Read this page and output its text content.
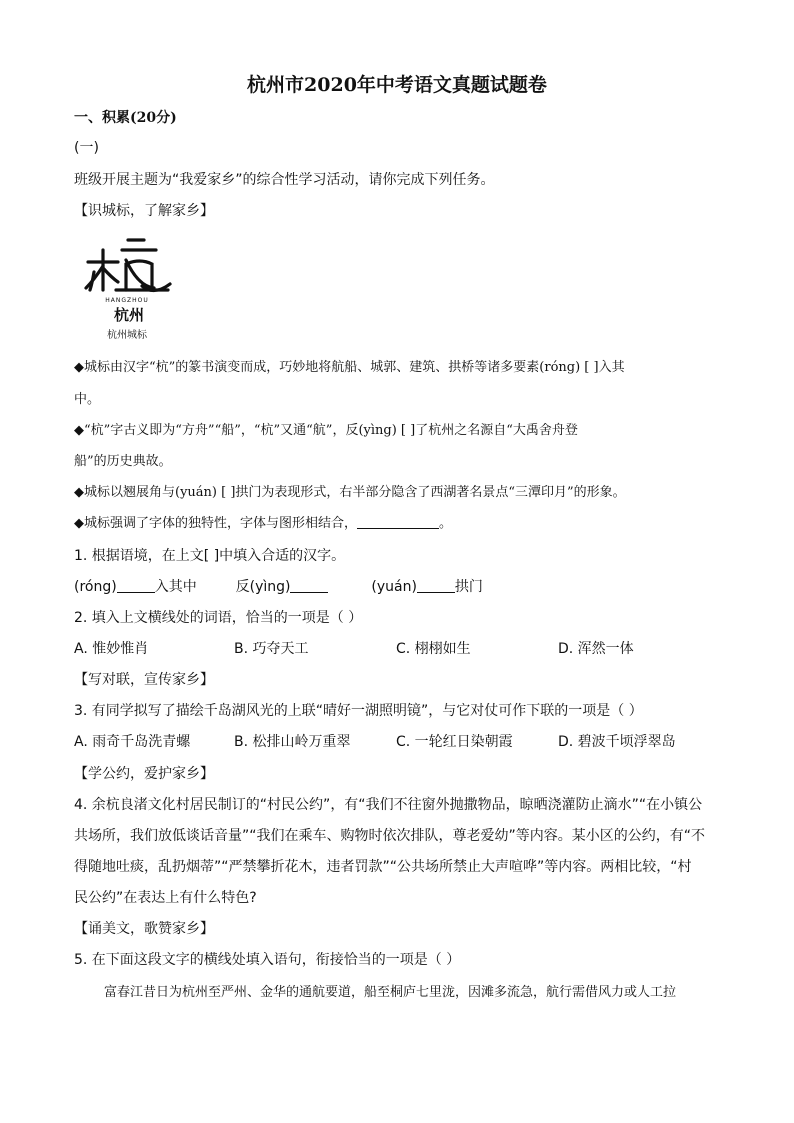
杭州市2020年中考语文真题试题卷
一、积累(20分)
(一)
班级开展主题为“我爱家乡”的综合性学习活动，请你完成下列任务。
【识城标，了解家乡】
HANGZHOU
杭州
杭州城标
◆城标由汉字“杭”的篆书演变而成，巧妙地将航船、城郭、建筑、拱桥等诸多要素(róng) [ ]入其
中。
◆“杭”字古义即为“方舟”“船”，“杭”又通“航”，反(yìng) [ ]了杭州之名源自“大禹舍舟登
船”的历史典故。
◆城标以翘展角与(yuán) [ ]拱门为表现形式，右半部分隐含了西湖著名景点“三潭印月”的形象。
◆城标强调了字体的独特性，字体与图形相结合，	。
1. 根据语境，在上文[ ]中填入合适的汉字。
(róng)	入其中	反(yìng)	(yuán)	拱门
2. 填入上文横线处的词语，恰当的一项是（ ）
A. 惟妙惟肖	B. 巧夺天工	C. 栩栩如生	D. 浑然一体
【写对联，宣传家乡】
3. 有同学拟写了描绘千岛湖风光的上联“晴好一湖照明镜”，与它对仗可作下联的一项是（ ）
A. 雨奇千岛洗青螺	B. 松排山岭万重翠	C. 一轮红日染朝霞	D. 碧波千顷浮翠岛
【学公约，爱护家乡】
4. 余杭良渚文化村居民制订的“村民公约”，有“我们不往窗外抛撒物品，晾晒浇灌防止滴水”“在小镇公
共场所，我们放低谈话音量”“我们在乘车、购物时依次排队，尊老爱幼”等内容。某小区的公约，有“不
得随地吐痰，乱扔烟蒂”“严禁攀折花木，违者罚款”“公共场所禁止大声喧哗”等内容。两相比较，“村
民公约”在表达上有什么特色?
【诵美文，歌赞家乡】
5. 在下面这段文字的横线处填入语句，衔接恰当的一项是（ ）
富春江昔日为杭州至严州、金华的通航要道，船至桐庐七里泷，因滩多流急，航行需借风力或人工拉
